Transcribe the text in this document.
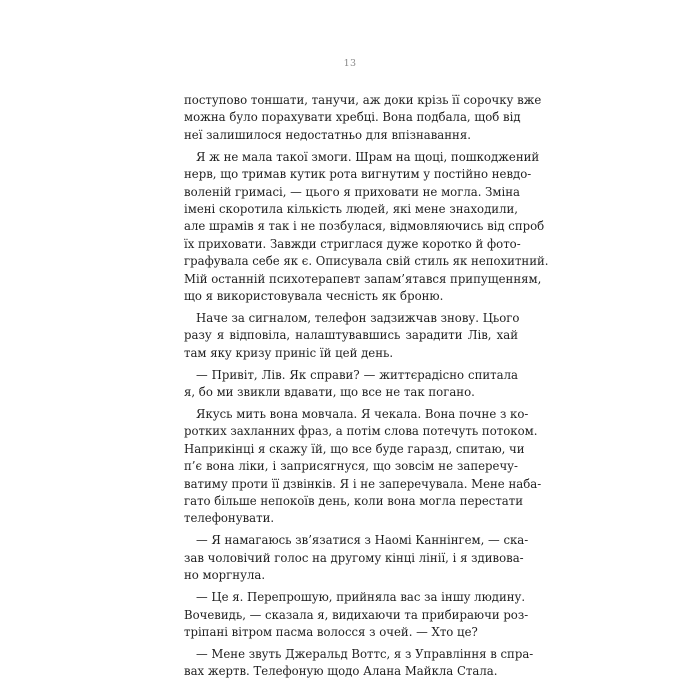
13
поступово тоншати, танучи, аж доки крізь її сорочку вже
можна було порахувати хребці. Вона подбала, щоб від
неї залишилося недостатньо для впізнавання.
Я ж не мала такої змоги. Шрам на щоці, пошкоджений
нерв, що тримав кутик рота вигнутим у постійно невдо-
воленій гримасі, — цього я приховати не могла. Зміна
імені скоротила кількість людей, які мене знаходили,
але шрамів я так і не позбулася, відмовляючись від спроб
їх приховати. Завжди стриглася дуже коротко й фото-
графувала себе як є. Описувала свій стиль як непохитний.
Мій останній психотерапевт запам’ятався припущенням,
що я використовувала чесність як броню.
Наче за сигналом, телефон задзижчав знову. Цього
разу я відповіла, налаштувавшись зарадити Лів, хай
там яку кризу приніс їй цей день.
— Привіт, Лів. Як справи? — життєрадісно спитала
я, бо ми звикли вдавати, що все не так погано.
Якусь мить вона мовчала. Я чекала. Вона почне з ко-
ротких захланних фраз, а потім слова потечуть потоком.
Наприкінці я скажу їй, що все буде гаразд, спитаю, чи
п’є вона ліки, і заприсягнуся, що зовсім не заперечу-
ватиму проти її дзвінків. Я і не заперечувала. Мене наба-
гато більше непокоїв день, коли вона могла перестати
телефонувати.
— Я намагаюсь зв’язатися з Наомі Каннінгем, — ска-
зав чоловічий голос на другому кінці лінії, і я здивова-
но моргнула.
— Це я. Перепрошую, прийняла вас за іншу людину.
Вочевидь, — сказала я, видихаючи та прибираючи роз-
тріпані вітром пасма волосся з очей. — Хто це?
— Мене звуть Джеральд Воттс, я з Управління в спра-
вах жертв. Телефоную щодо Алана Майкла Стала.
